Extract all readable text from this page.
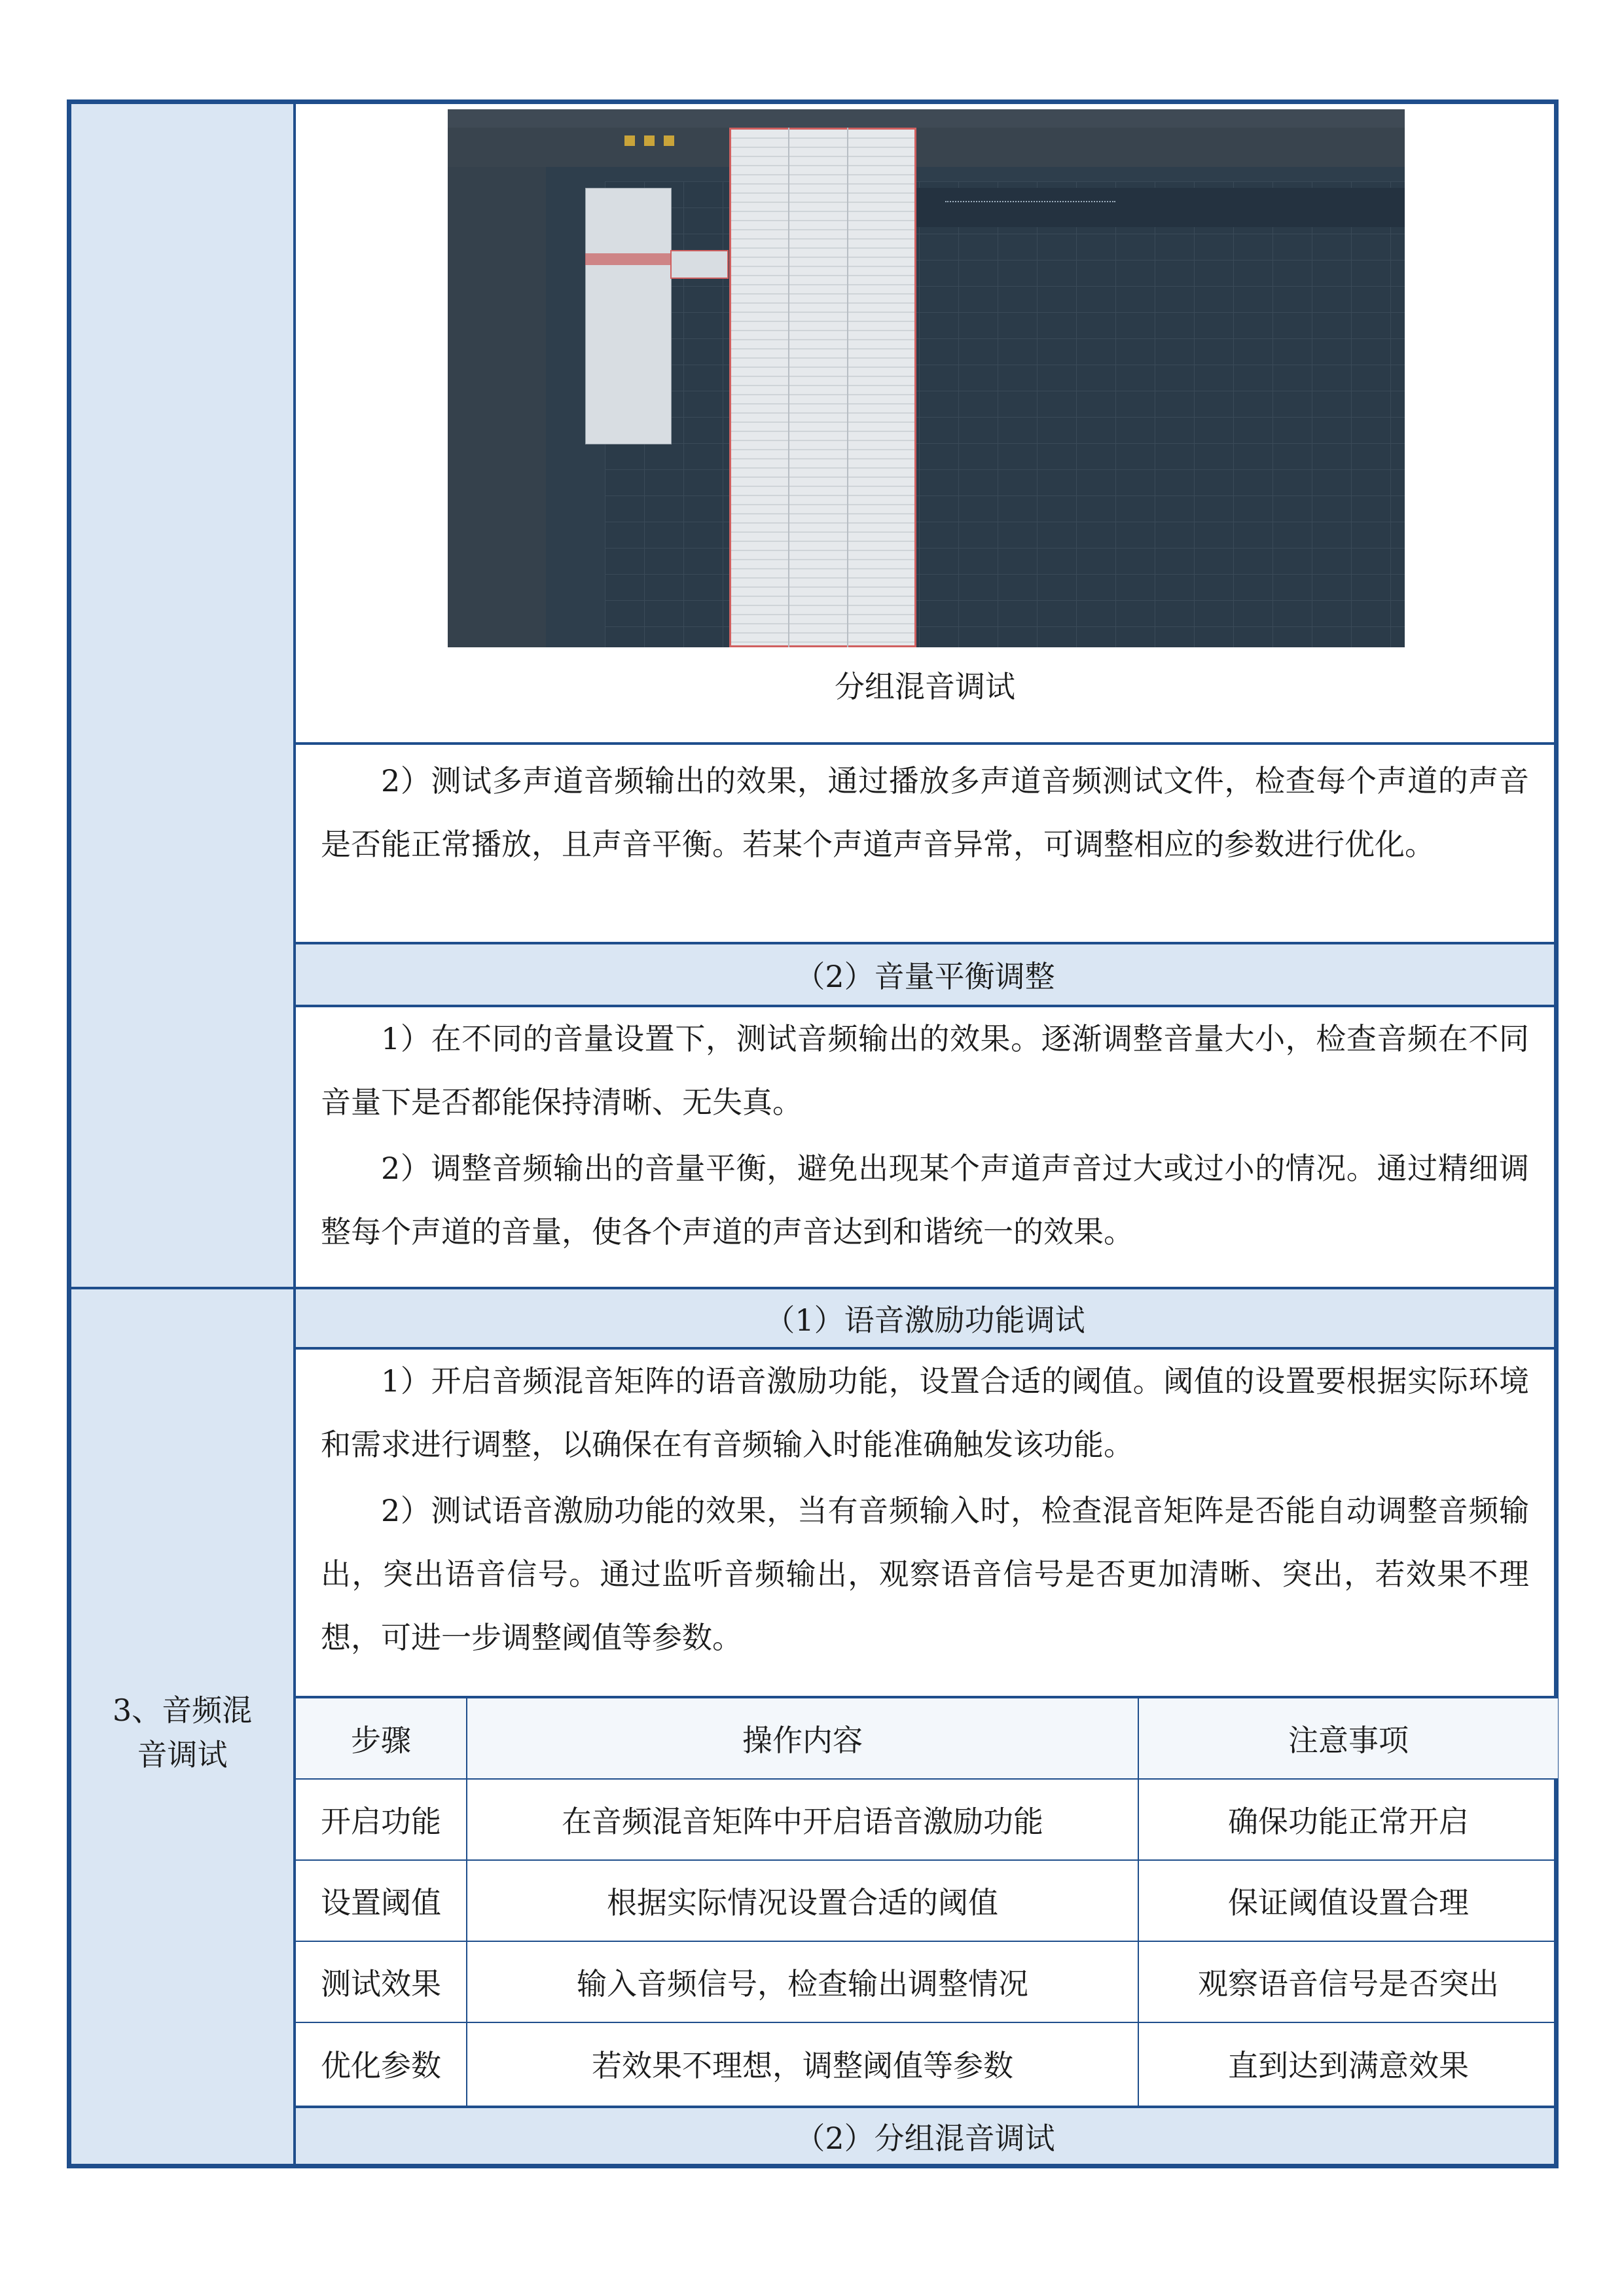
3、音频混音调试
分组混音调试

2）测试多声道音频输出的效果，通过播放多声道音频测试文件，检查每个声道的声音是否能正常播放，且声音平衡。若某个声道声音异常，可调整相应的参数进行优化。

（2）音量平衡调整

1）在不同的音量设置下，测试音频输出的效果。逐渐调整音量大小，检查音频在不同音量下是否都能保持清晰、无失真。

2）调整音频输出的音量平衡，避免出现某个声道声音过大或过小的情况。通过精细调整每个声道的音量，使各个声道的声音达到和谐统一的效果。

（1）语音激励功能调试

1）开启音频混音矩阵的语音激励功能，设置合适的阈值。阈值的设置要根据实际环境和需求进行调整，以确保在有音频输入时能准确触发该功能。

2）测试语音激励功能的效果，当有音频输入时，检查混音矩阵是否能自动调整音频输出，突出语音信号。通过监听音频输出，观察语音信号是否更加清晰、突出，若效果不理想，可进一步调整阈值等参数。

步骤	操作内容	注意事项
开启功能	在音频混音矩阵中开启语音激励功能	确保功能正常开启
设置阈值	根据实际情况设置合适的阈值	保证阈值设置合理
测试效果	输入音频信号，检查输出调整情况	观察语音信号是否突出
优化参数	若效果不理想，调整阈值等参数	直到达到满意效果
（2）分组混音调试
